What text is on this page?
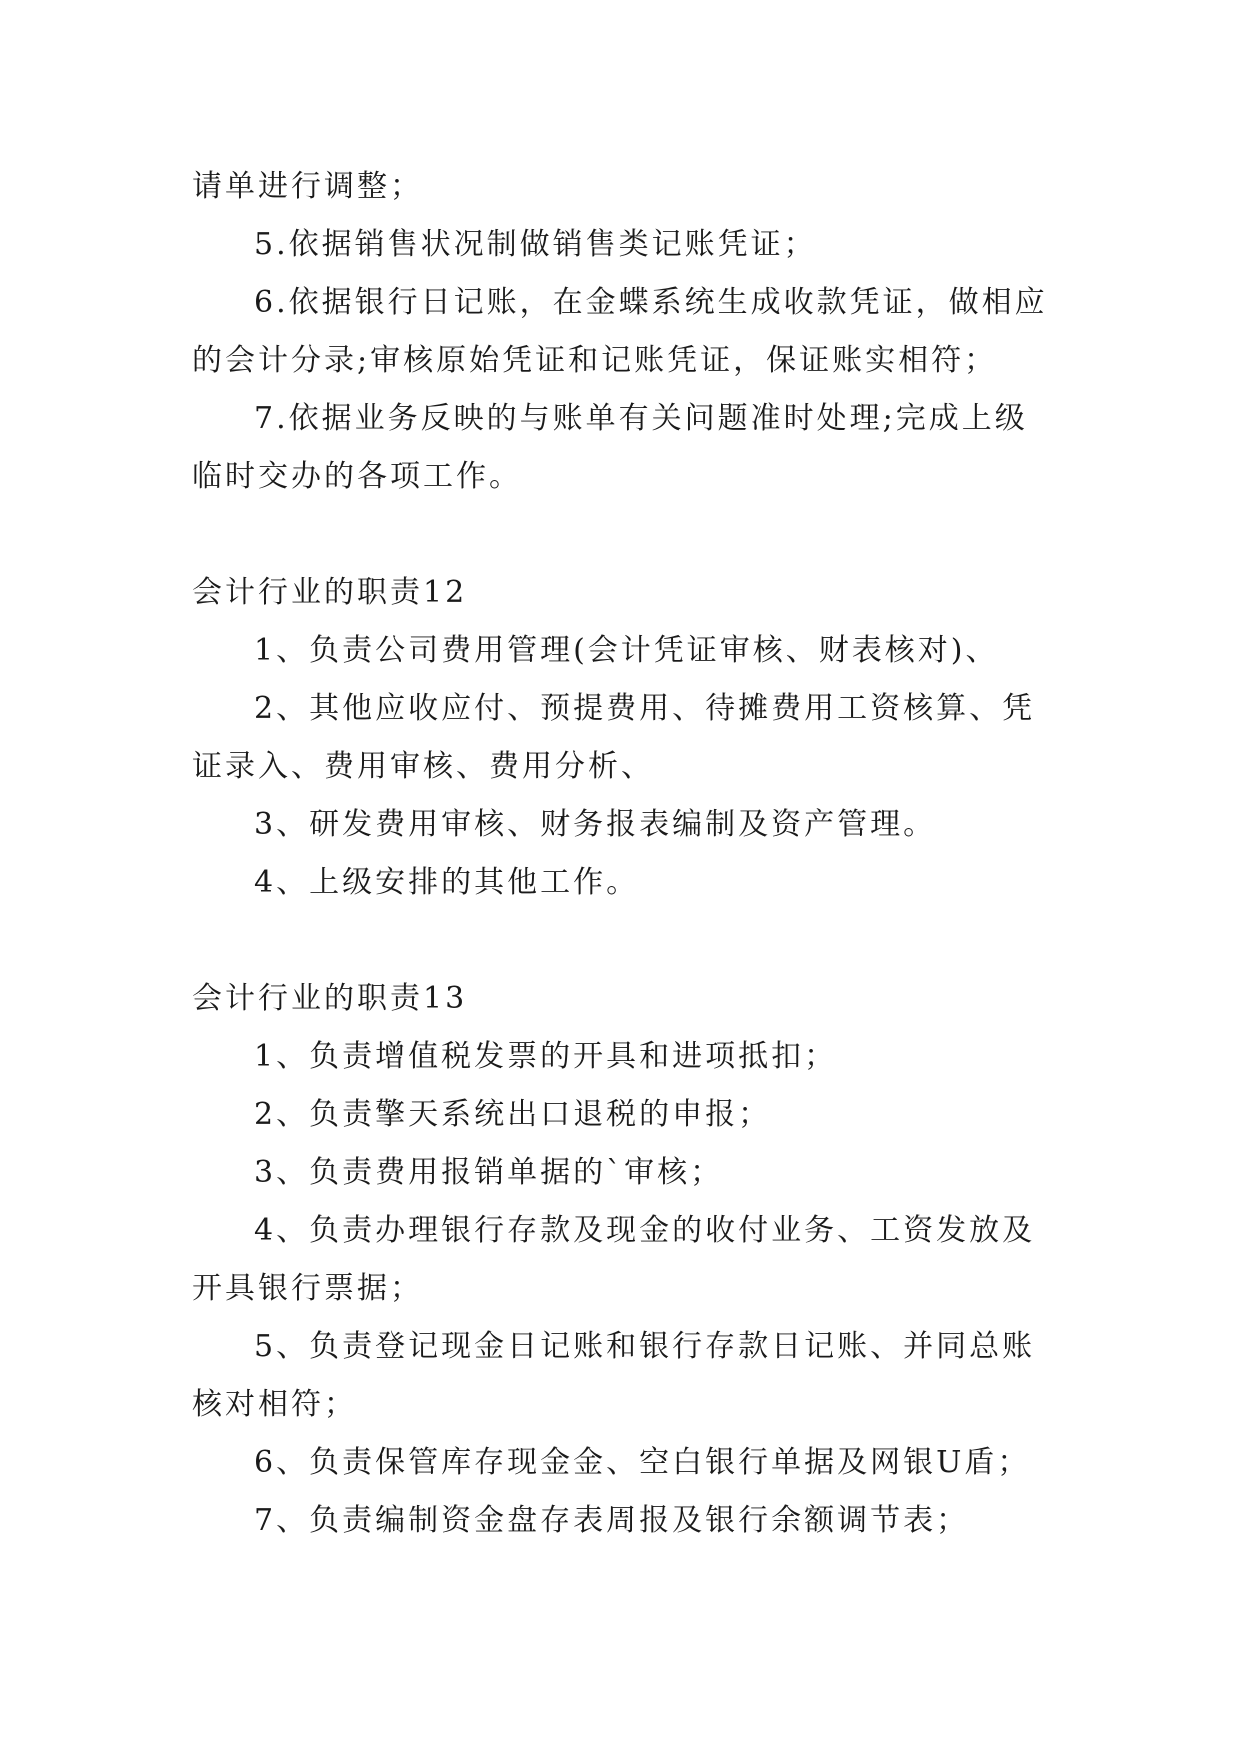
请单进行调整；
5.依据销售状况制做销售类记账凭证；
6.依据银行日记账，在金蝶系统生成收款凭证，做相应
的会计分录;审核原始凭证和记账凭证，保证账实相符；
7.依据业务反映的与账单有关问题准时处理;完成上级
临时交办的各项工作。
会计行业的职责12
1、负责公司费用管理(会计凭证审核、财表核对)、
2、其他应收应付、预提费用、待摊费用工资核算、凭
证录入、费用审核、费用分析、
3、研发费用审核、财务报表编制及资产管理。
4、上级安排的其他工作。
会计行业的职责13
1、负责增值税发票的开具和进项抵扣；
2、负责擎天系统出口退税的申报；
3、负责费用报销单据的`审核；
4、负责办理银行存款及现金的收付业务、工资发放及
开具银行票据；
5、负责登记现金日记账和银行存款日记账、并同总账
核对相符；
6、负责保管库存现金金、空白银行单据及网银U盾；
7、负责编制资金盘存表周报及银行余额调节表；
